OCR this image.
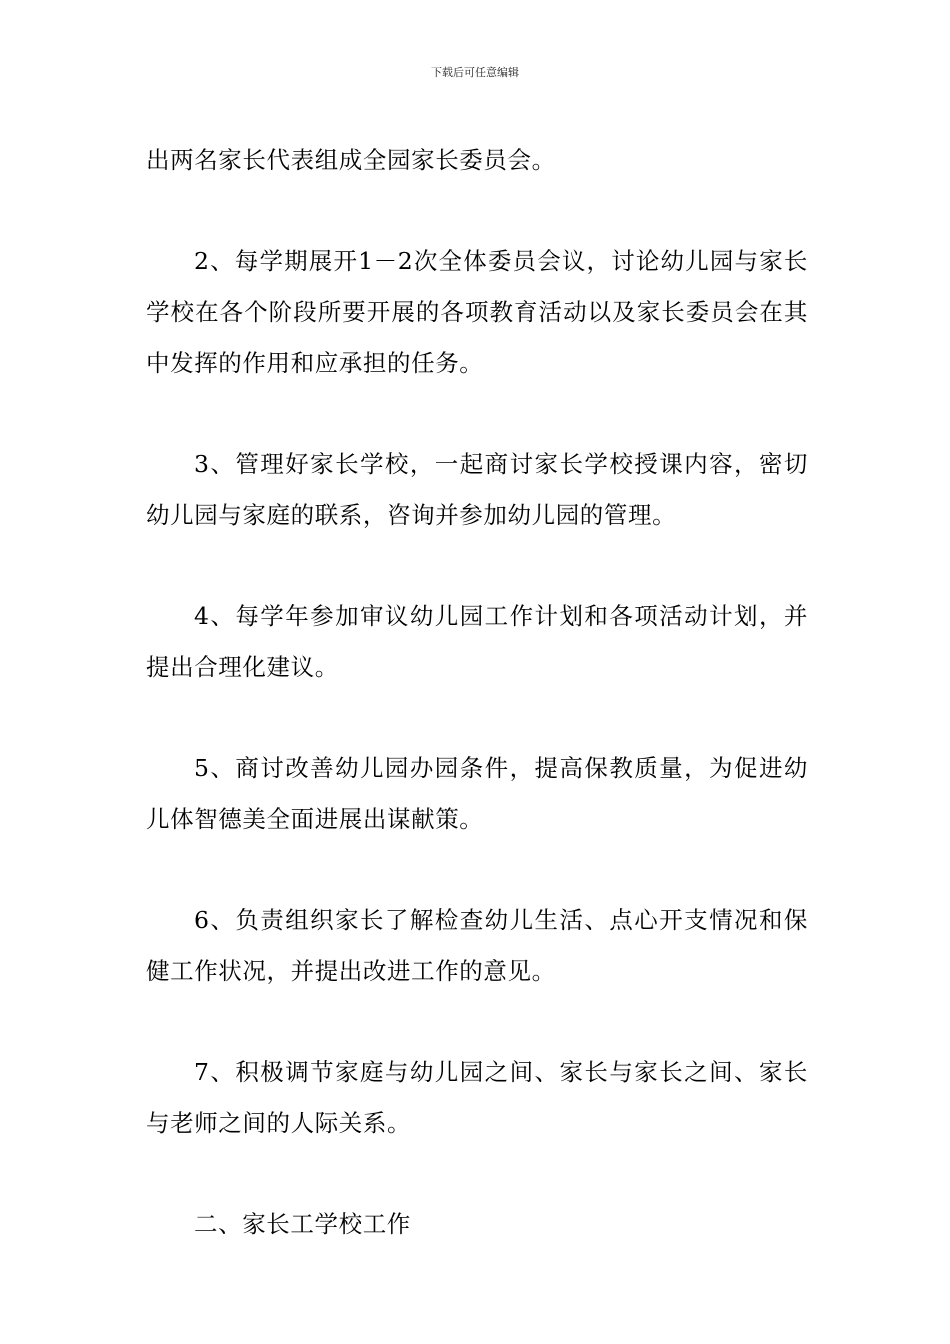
下载后可任意编辑

出两名家长代表组成全园家长委员会。

2、每学期展开1－2次全体委员会议，讨论幼儿园与家长学校在各个阶段所要开展的各项教育活动以及家长委员会在其中发挥的作用和应承担的任务。

3、管理好家长学校，一起商讨家长学校授课内容，密切幼儿园与家庭的联系，咨询并参加幼儿园的管理。

4、每学年参加审议幼儿园工作计划和各项活动计划，并提出合理化建议。

5、商讨改善幼儿园办园条件，提高保教质量，为促进幼儿体智德美全面进展出谋献策。

6、负责组织家长了解检查幼儿生活、点心开支情况和保健工作状况，并提出改进工作的意见。

7、积极调节家庭与幼儿园之间、家长与家长之间、家长与老师之间的人际关系。

二、家长工学校工作
